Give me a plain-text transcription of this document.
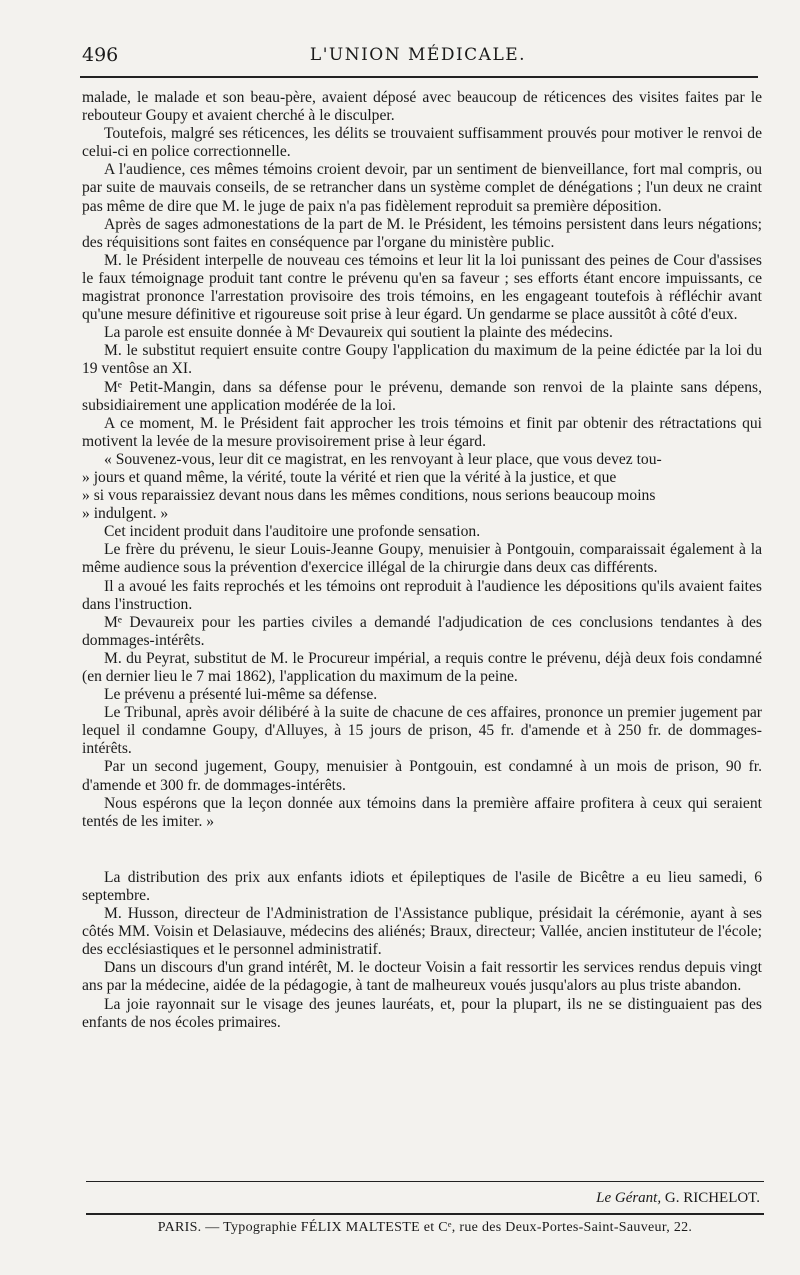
496	L'UNION MÉDICALE.

malade, le malade et son beau-père, avaient déposé avec beaucoup de réticences des visites faites par le rebouteur Goupy et avaient cherché à le disculper.

Toutefois, malgré ses réticences, les délits se trouvaient suffisamment prouvés pour motiver le renvoi de celui-ci en police correctionnelle.

A l'audience, ces mêmes témoins croient devoir, par un sentiment de bienveillance, fort mal compris, ou par suite de mauvais conseils, de se retrancher dans un système complet de dénégations ; l'un deux ne craint pas même de dire que M. le juge de paix n'a pas fidèlement reproduit sa première déposition.

Après de sages admonestations de la part de M. le Président, les témoins persistent dans leurs négations; des réquisitions sont faites en conséquence par l'organe du ministère public.

M. le Président interpelle de nouveau ces témoins et leur lit la loi punissant des peines de Cour d'assises le faux témoignage produit tant contre le prévenu qu'en sa faveur ; ses efforts étant encore impuissants, ce magistrat prononce l'arrestation provisoire des trois témoins, en les engageant toutefois à réfléchir avant qu'une mesure définitive et rigoureuse soit prise à leur égard. Un gendarme se place aussitôt à côté d'eux.

La parole est ensuite donnée à Mᵉ Devaureix qui soutient la plainte des médecins.

M. le substitut requiert ensuite contre Goupy l'application du maximum de la peine édictée par la loi du 19 ventôse an XI.

Mᵉ Petit-Mangin, dans sa défense pour le prévenu, demande son renvoi de la plainte sans dépens, subsidiairement une application modérée de la loi.

A ce moment, M. le Président fait approcher les trois témoins et finit par obtenir des rétractations qui motivent la levée de la mesure provisoirement prise à leur égard.

« Souvenez-vous, leur dit ce magistrat, en les renvoyant à leur place, que vous devez tou-

» jours et quand même, la vérité, toute la vérité et rien que la vérité à la justice, et que

» si vous reparaissiez devant nous dans les mêmes conditions, nous serions beaucoup moins

» indulgent. »

Cet incident produit dans l'auditoire une profonde sensation.

Le frère du prévenu, le sieur Louis-Jeanne Goupy, menuisier à Pontgouin, comparaissait également à la même audience sous la prévention d'exercice illégal de la chirurgie dans deux cas différents.

Il a avoué les faits reprochés et les témoins ont reproduit à l'audience les dépositions qu'ils avaient faites dans l'instruction.

Mᵉ Devaureix pour les parties civiles a demandé l'adjudication de ces conclusions tendantes à des dommages-intérêts.

M. du Peyrat, substitut de M. le Procureur impérial, a requis contre le prévenu, déjà deux fois condamné (en dernier lieu le 7 mai 1862), l'application du maximum de la peine.

Le prévenu a présenté lui-même sa défense.

Le Tribunal, après avoir délibéré à la suite de chacune de ces affaires, prononce un premier jugement par lequel il condamne Goupy, d'Alluyes, à 15 jours de prison, 45 fr. d'amende et à 250 fr. de dommages-intérêts.

Par un second jugement, Goupy, menuisier à Pontgouin, est condamné à un mois de prison, 90 fr. d'amende et 300 fr. de dommages-intérêts.

Nous espérons que la leçon donnée aux témoins dans la première affaire profitera à ceux qui seraient tentés de les imiter. »

La distribution des prix aux enfants idiots et épileptiques de l'asile de Bicêtre a eu lieu samedi, 6 septembre.

M. Husson, directeur de l'Administration de l'Assistance publique, présidait la cérémonie, ayant à ses côtés MM. Voisin et Delasiauve, médecins des aliénés; Braux, directeur; Vallée, ancien instituteur de l'école; des ecclésiastiques et le personnel administratif.

Dans un discours d'un grand intérêt, M. le docteur Voisin a fait ressortir les services rendus depuis vingt ans par la médecine, aidée de la pédagogie, à tant de malheureux voués jusqu'alors au plus triste abandon.

La joie rayonnait sur le visage des jeunes lauréats, et, pour la plupart, ils ne se distinguaient pas des enfants de nos écoles primaires.

Le Gérant, G. RICHELOT.
PARIS. — Typographie FÉLIX MALTESTE et Cᵉ, rue des Deux-Portes-Saint-Sauveur, 22.
